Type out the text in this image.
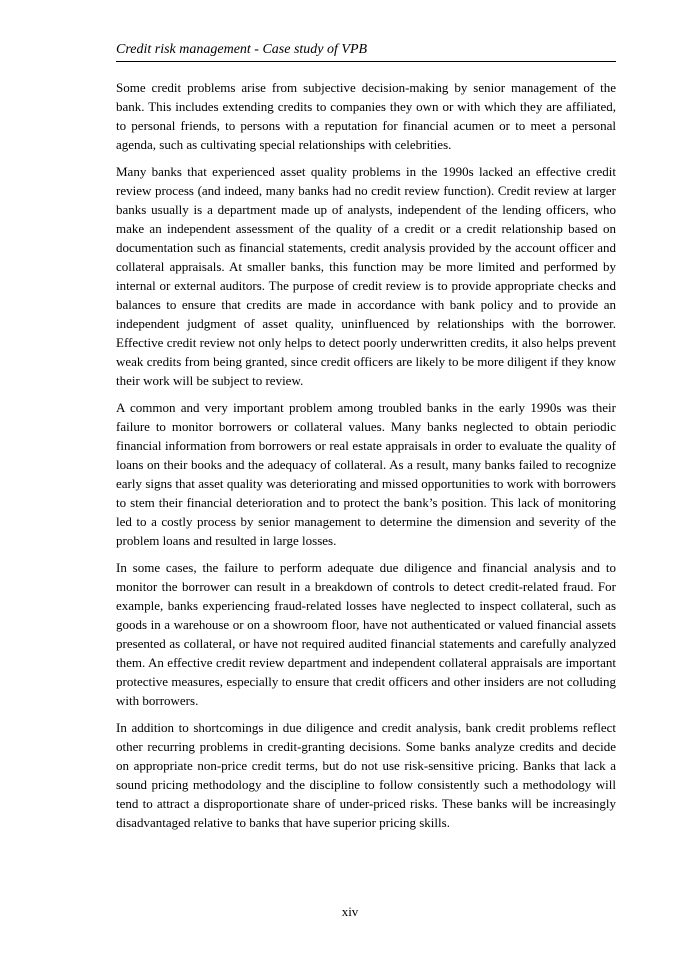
Credit risk management - Case study of VPB

Some credit problems arise from subjective decision-making by senior management of the bank. This includes extending credits to companies they own or with which they are affiliated, to personal friends, to persons with a reputation for financial acumen or to meet a personal agenda, such as cultivating special relationships with celebrities.

Many banks that experienced asset quality problems in the 1990s lacked an effective credit review process (and indeed, many banks had no credit review function). Credit review at larger banks usually is a department made up of analysts, independent of the lending officers, who make an independent assessment of the quality of a credit or a credit relationship based on documentation such as financial statements, credit analysis provided by the account officer and collateral appraisals. At smaller banks, this function may be more limited and performed by internal or external auditors. The purpose of credit review is to provide appropriate checks and balances to ensure that credits are made in accordance with bank policy and to provide an independent judgment of asset quality, uninfluenced by relationships with the borrower. Effective credit review not only helps to detect poorly underwritten credits, it also helps prevent weak credits from being granted, since credit officers are likely to be more diligent if they know their work will be subject to review.

A common and very important problem among troubled banks in the early 1990s was their failure to monitor borrowers or collateral values. Many banks neglected to obtain periodic financial information from borrowers or real estate appraisals in order to evaluate the quality of loans on their books and the adequacy of collateral. As a result, many banks failed to recognize early signs that asset quality was deteriorating and missed opportunities to work with borrowers to stem their financial deterioration and to protect the bank’s position. This lack of monitoring led to a costly process by senior management to determine the dimension and severity of the problem loans and resulted in large losses.

In some cases, the failure to perform adequate due diligence and financial analysis and to monitor the borrower can result in a breakdown of controls to detect credit-related fraud. For example, banks experiencing fraud-related losses have neglected to inspect collateral, such as goods in a warehouse or on a showroom floor, have not authenticated or valued financial assets presented as collateral, or have not required audited financial statements and carefully analyzed them. An effective credit review department and independent collateral appraisals are important protective measures, especially to ensure that credit officers and other insiders are not colluding with borrowers.

In addition to shortcomings in due diligence and credit analysis, bank credit problems reflect other recurring problems in credit-granting decisions. Some banks analyze credits and decide on appropriate non-price credit terms, but do not use risk-sensitive pricing. Banks that lack a sound pricing methodology and the discipline to follow consistently such a methodology will tend to attract a disproportionate share of under-priced risks. These banks will be increasingly disadvantaged relative to banks that have superior pricing skills.

xiv
